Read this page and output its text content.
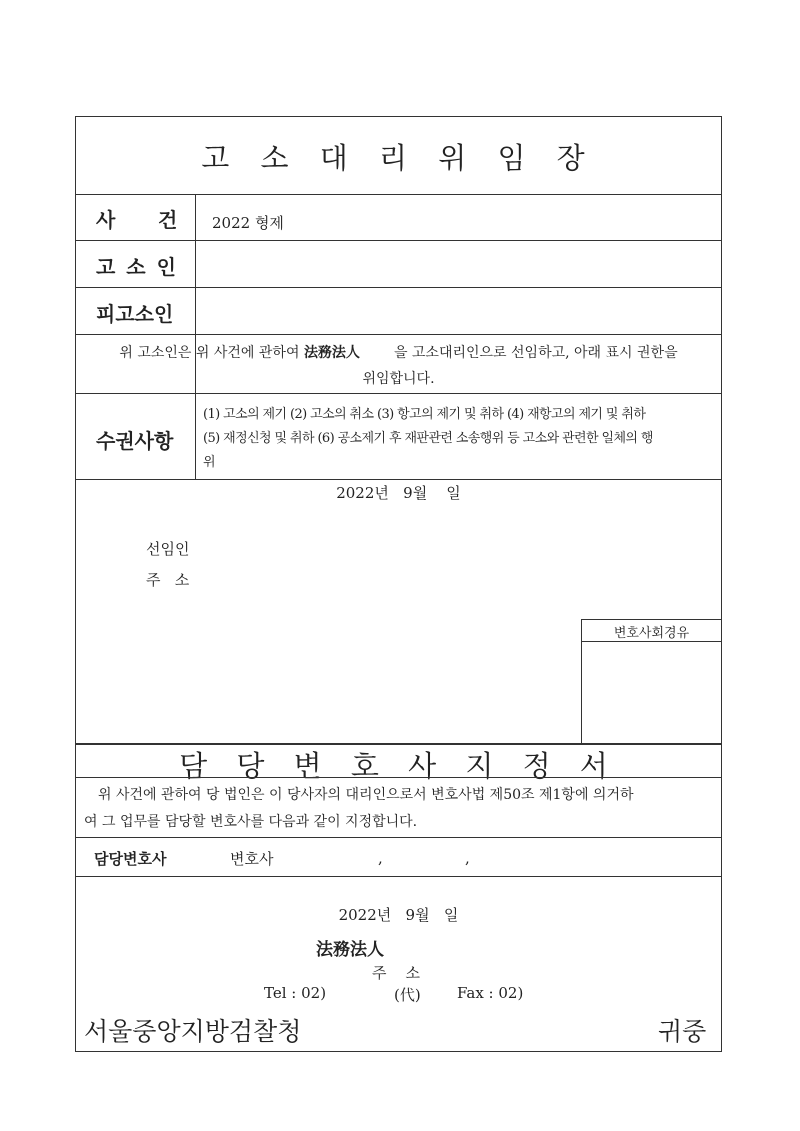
고 소 대 리 위 임 장
사 건 2022 형제
고 소 인
피고소인
위 고소인은 위 사건에 관하여 法務法人 을 고소대리인으로 선임하고, 아래 표시 권한을
위임합니다.
수권사항
(1) 고소의 제기 (2) 고소의 취소 (3) 항고의 제기 및 취하 (4) 재항고의 제기 및 취하
(5) 재정신청 및 취하 (6) 공소제기 후 재판관련 소송행위 등 고소와 관련한 일체의 행
위
2022년   9월    일
선임인
주   소
변호사회경유
담 당 변 호 사 지 정 서
위 사건에 관하여 당 법인은 이 당사자의 대리인으로서 변호사법 제50조 제1항에 의거하
여 그 업무를 담당할 변호사를 다음과 같이 지정합니다.
담당변호사	변호사	,	,
2022년   9월   일
法務法人
주    소
Tel : 02)	(代) Fax : 02)
서울중앙지방검찰청	귀중
